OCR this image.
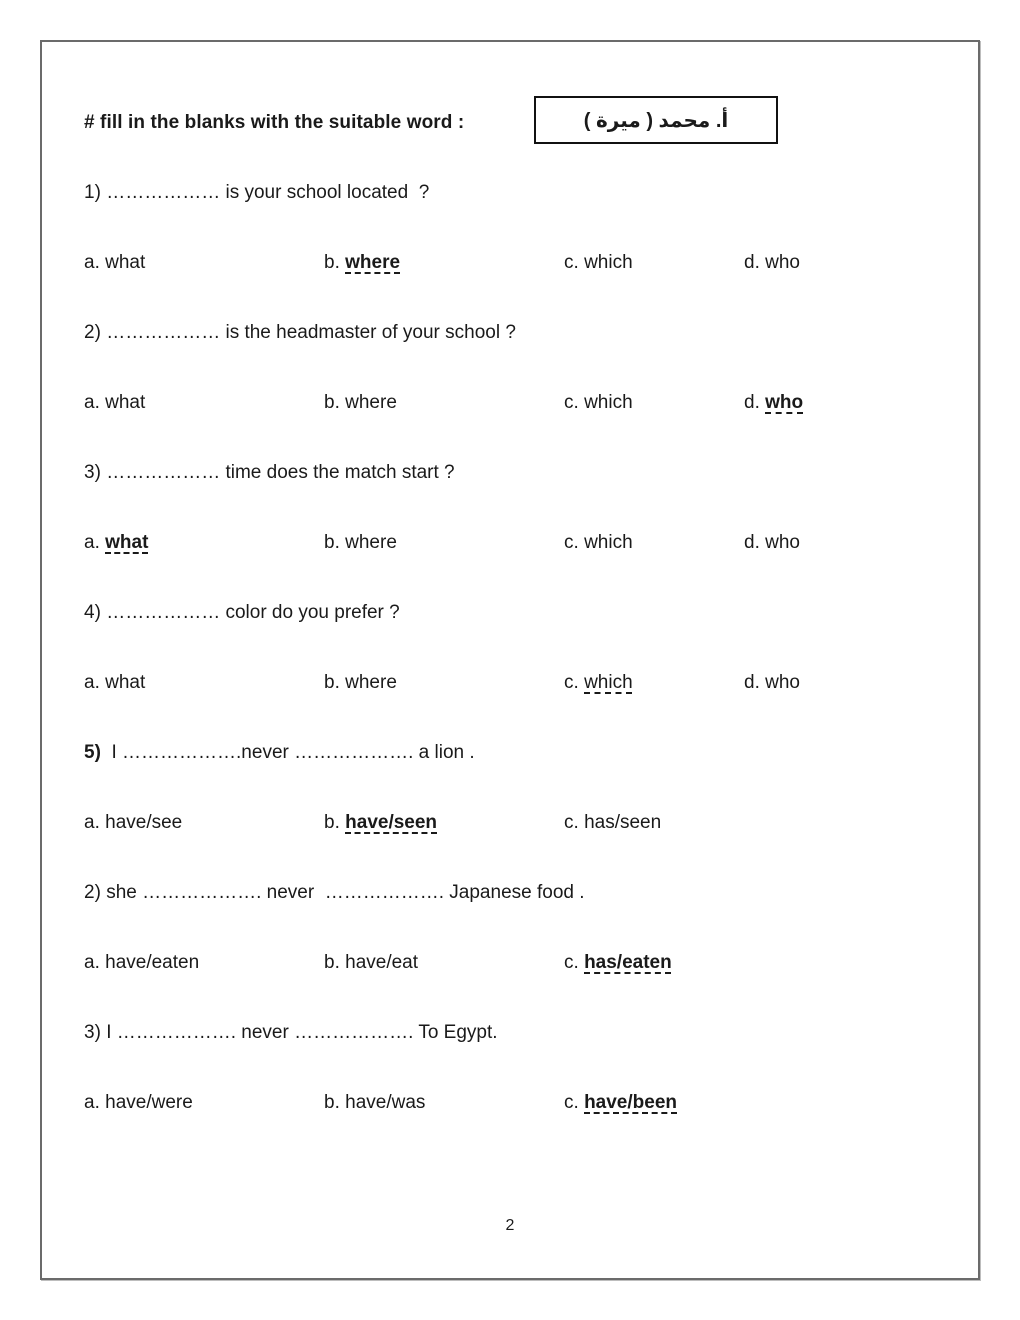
# fill in the blanks with the suitable word :	أ. محمد ( ميرة )
1) ……………… is your school located  ?
a. what	b. where	c. which	d. who
2) ……………… is the headmaster of your school ?
a. what	b. where	c. which	d. who
3) ……………… time does the match start ?
a. what	b. where	c. which	d. who
4) ……………… color do you prefer ?
a. what	b. where	c. which	d. who
5) I ……………….never ………………. a lion .
a. have/see	b. have/seen	c. has/seen
2) she ………………. never  ………………. Japanese food .
a. have/eaten	b. have/eat	c. has/eaten
3) I ………………. never ………………. To Egypt.
a. have/were	b. have/was	c. have/been
2
